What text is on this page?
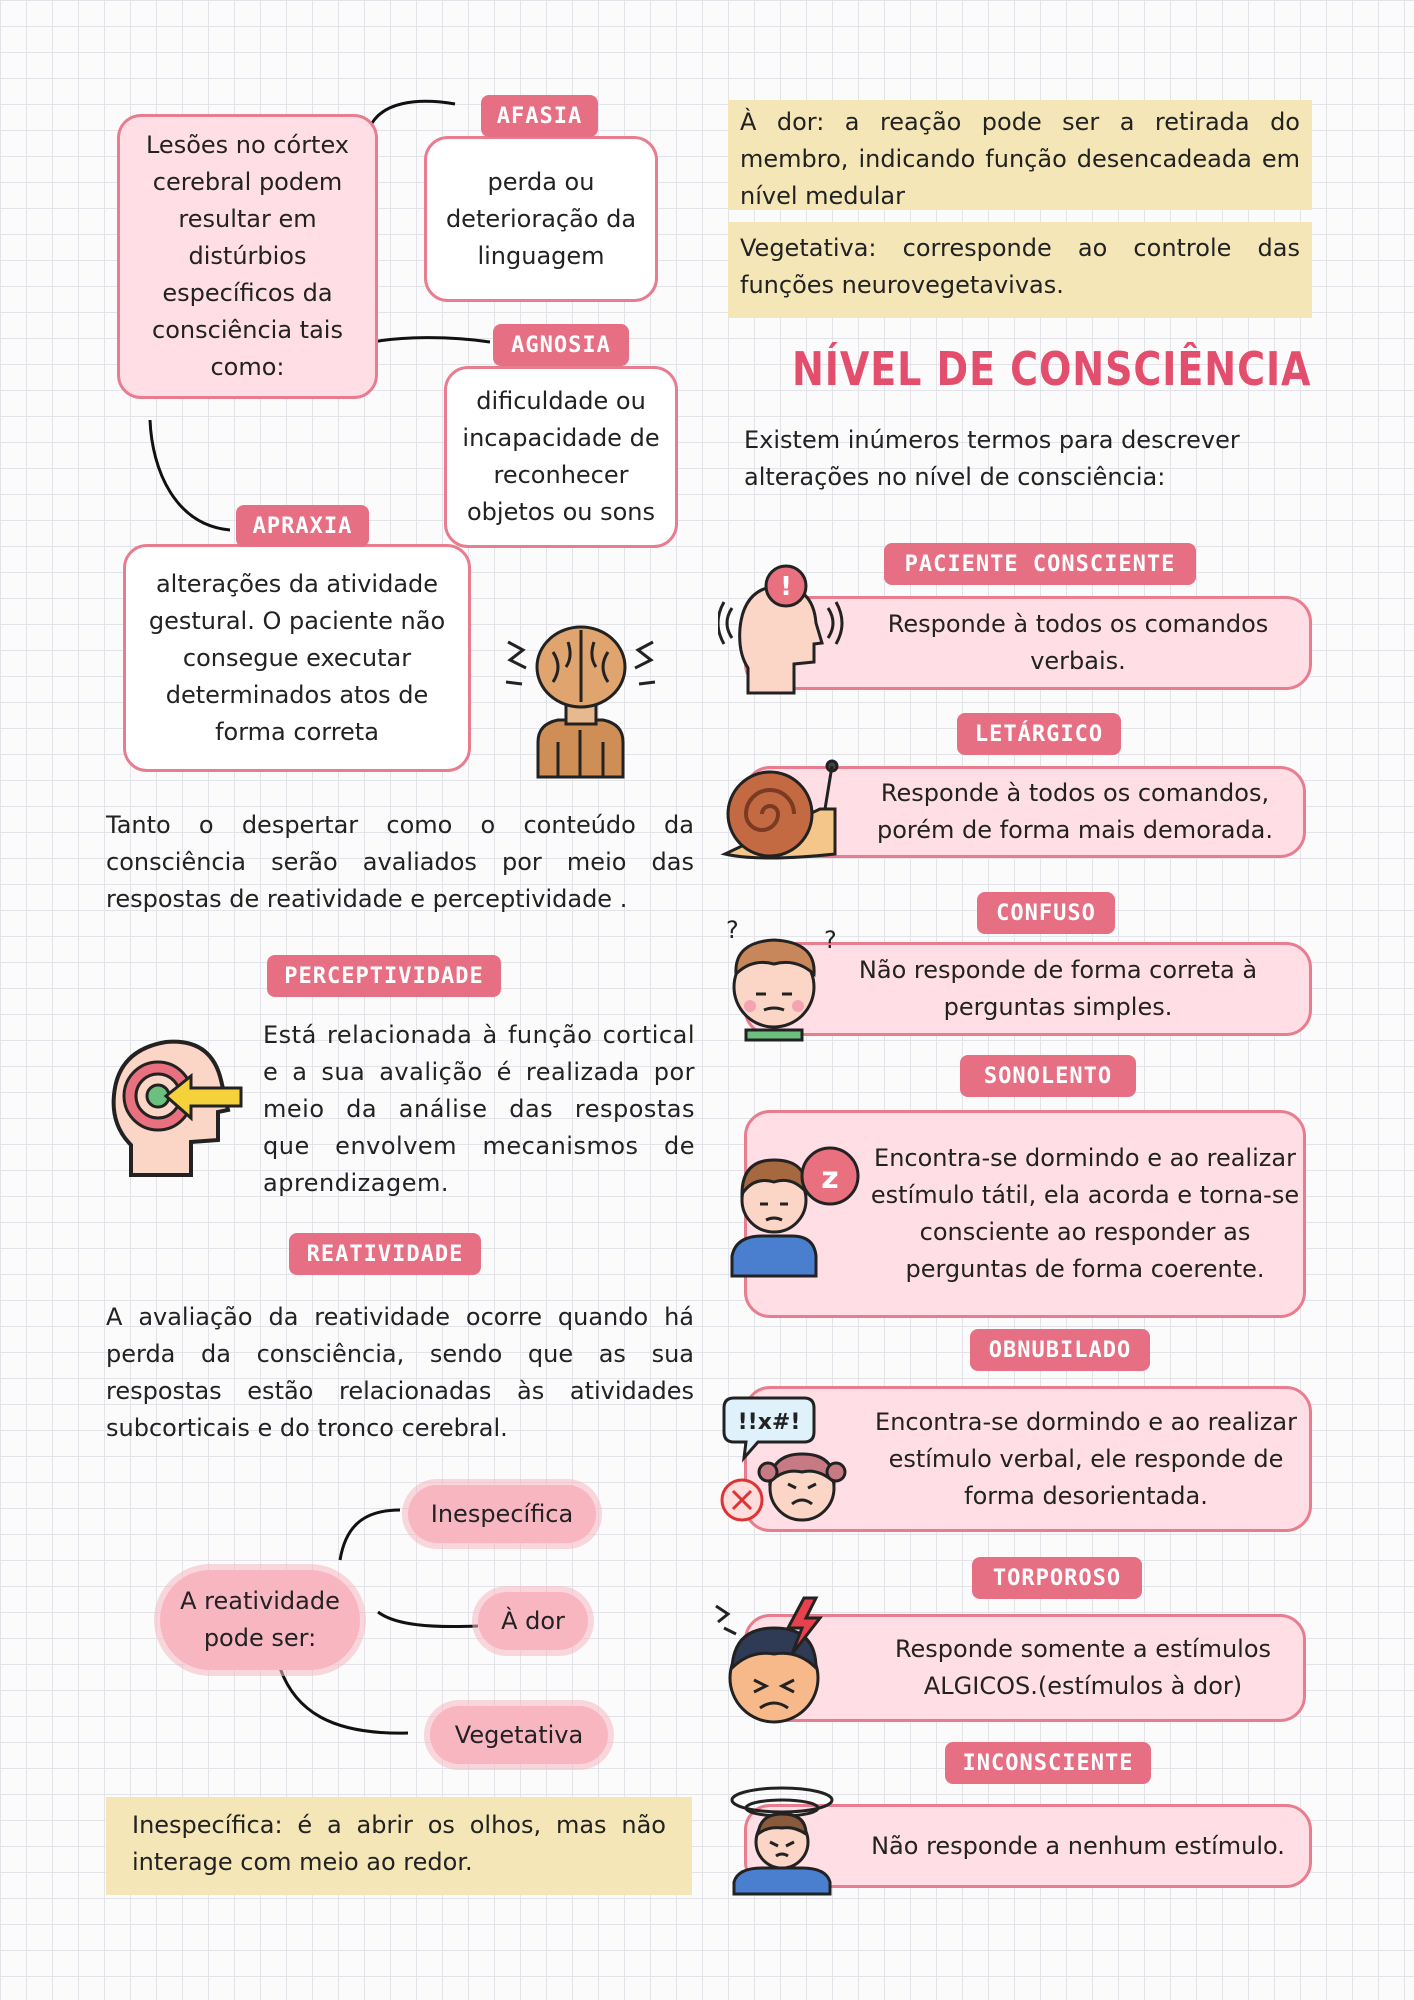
Lesões no córtex cerebral podem resultar em distúrbios específicos da consciência tais como:
perda ou deterioração da linguagem
AFASIA
dificuldade ou incapacidade de reconhecer objetos ou sons
AGNOSIA
alterações da atividade gestural. O paciente não consegue executar determinados atos de forma correta
APRAXIA
Tanto o despertar como o conteúdo da consciência serão avaliados por meio das respostas de reatividade e perceptividade .
PERCEPTIVIDADE
Está relacionada à função cortical e a sua avalição é realizada por meio da análise das respostas que envolvem mecanismos de aprendizagem.
REATIVIDADE
A avaliação da reatividade ocorre quando há perda da consciência, sendo que as sua respostas estão relacionadas às atividades subcorticais e do tronco cerebral.
A reatividade pode ser:
Inespecífica
À dor
Vegetativa
Inespecífica: é a abrir os olhos, mas não interage com meio ao redor.
À dor: a reação pode ser a retirada do membro, indicando função desencadeada em nível medular
Vegetativa: corresponde ao controle das funções neurovegetavivas.
NÍVEL DE CONSCIÊNCIA
Existem inúmeros termos para descrever alterações no nível de consciência:
Responde à todos os comandos verbais.
PACIENTE CONSCIENTE
!
Responde à todos os comandos, porém de forma mais demorada.
LETÁRGICO
Não responde de forma correta à perguntas simples.
CONFUSO
?	?
Encontra-se dormindo e ao realizar estímulo tátil, ela acorda e torna-se consciente ao responder as perguntas de forma coerente.
SONOLENTO
z
Encontra-se dormindo e ao realizar estímulo verbal, ele responde de forma desorientada.
OBNUBILADO
!!x#!
Responde somente a estímulos ALGICOS.(estímulos à dor)
TORPOROSO
Não responde a nenhum estímulo.
INCONSCIENTE
